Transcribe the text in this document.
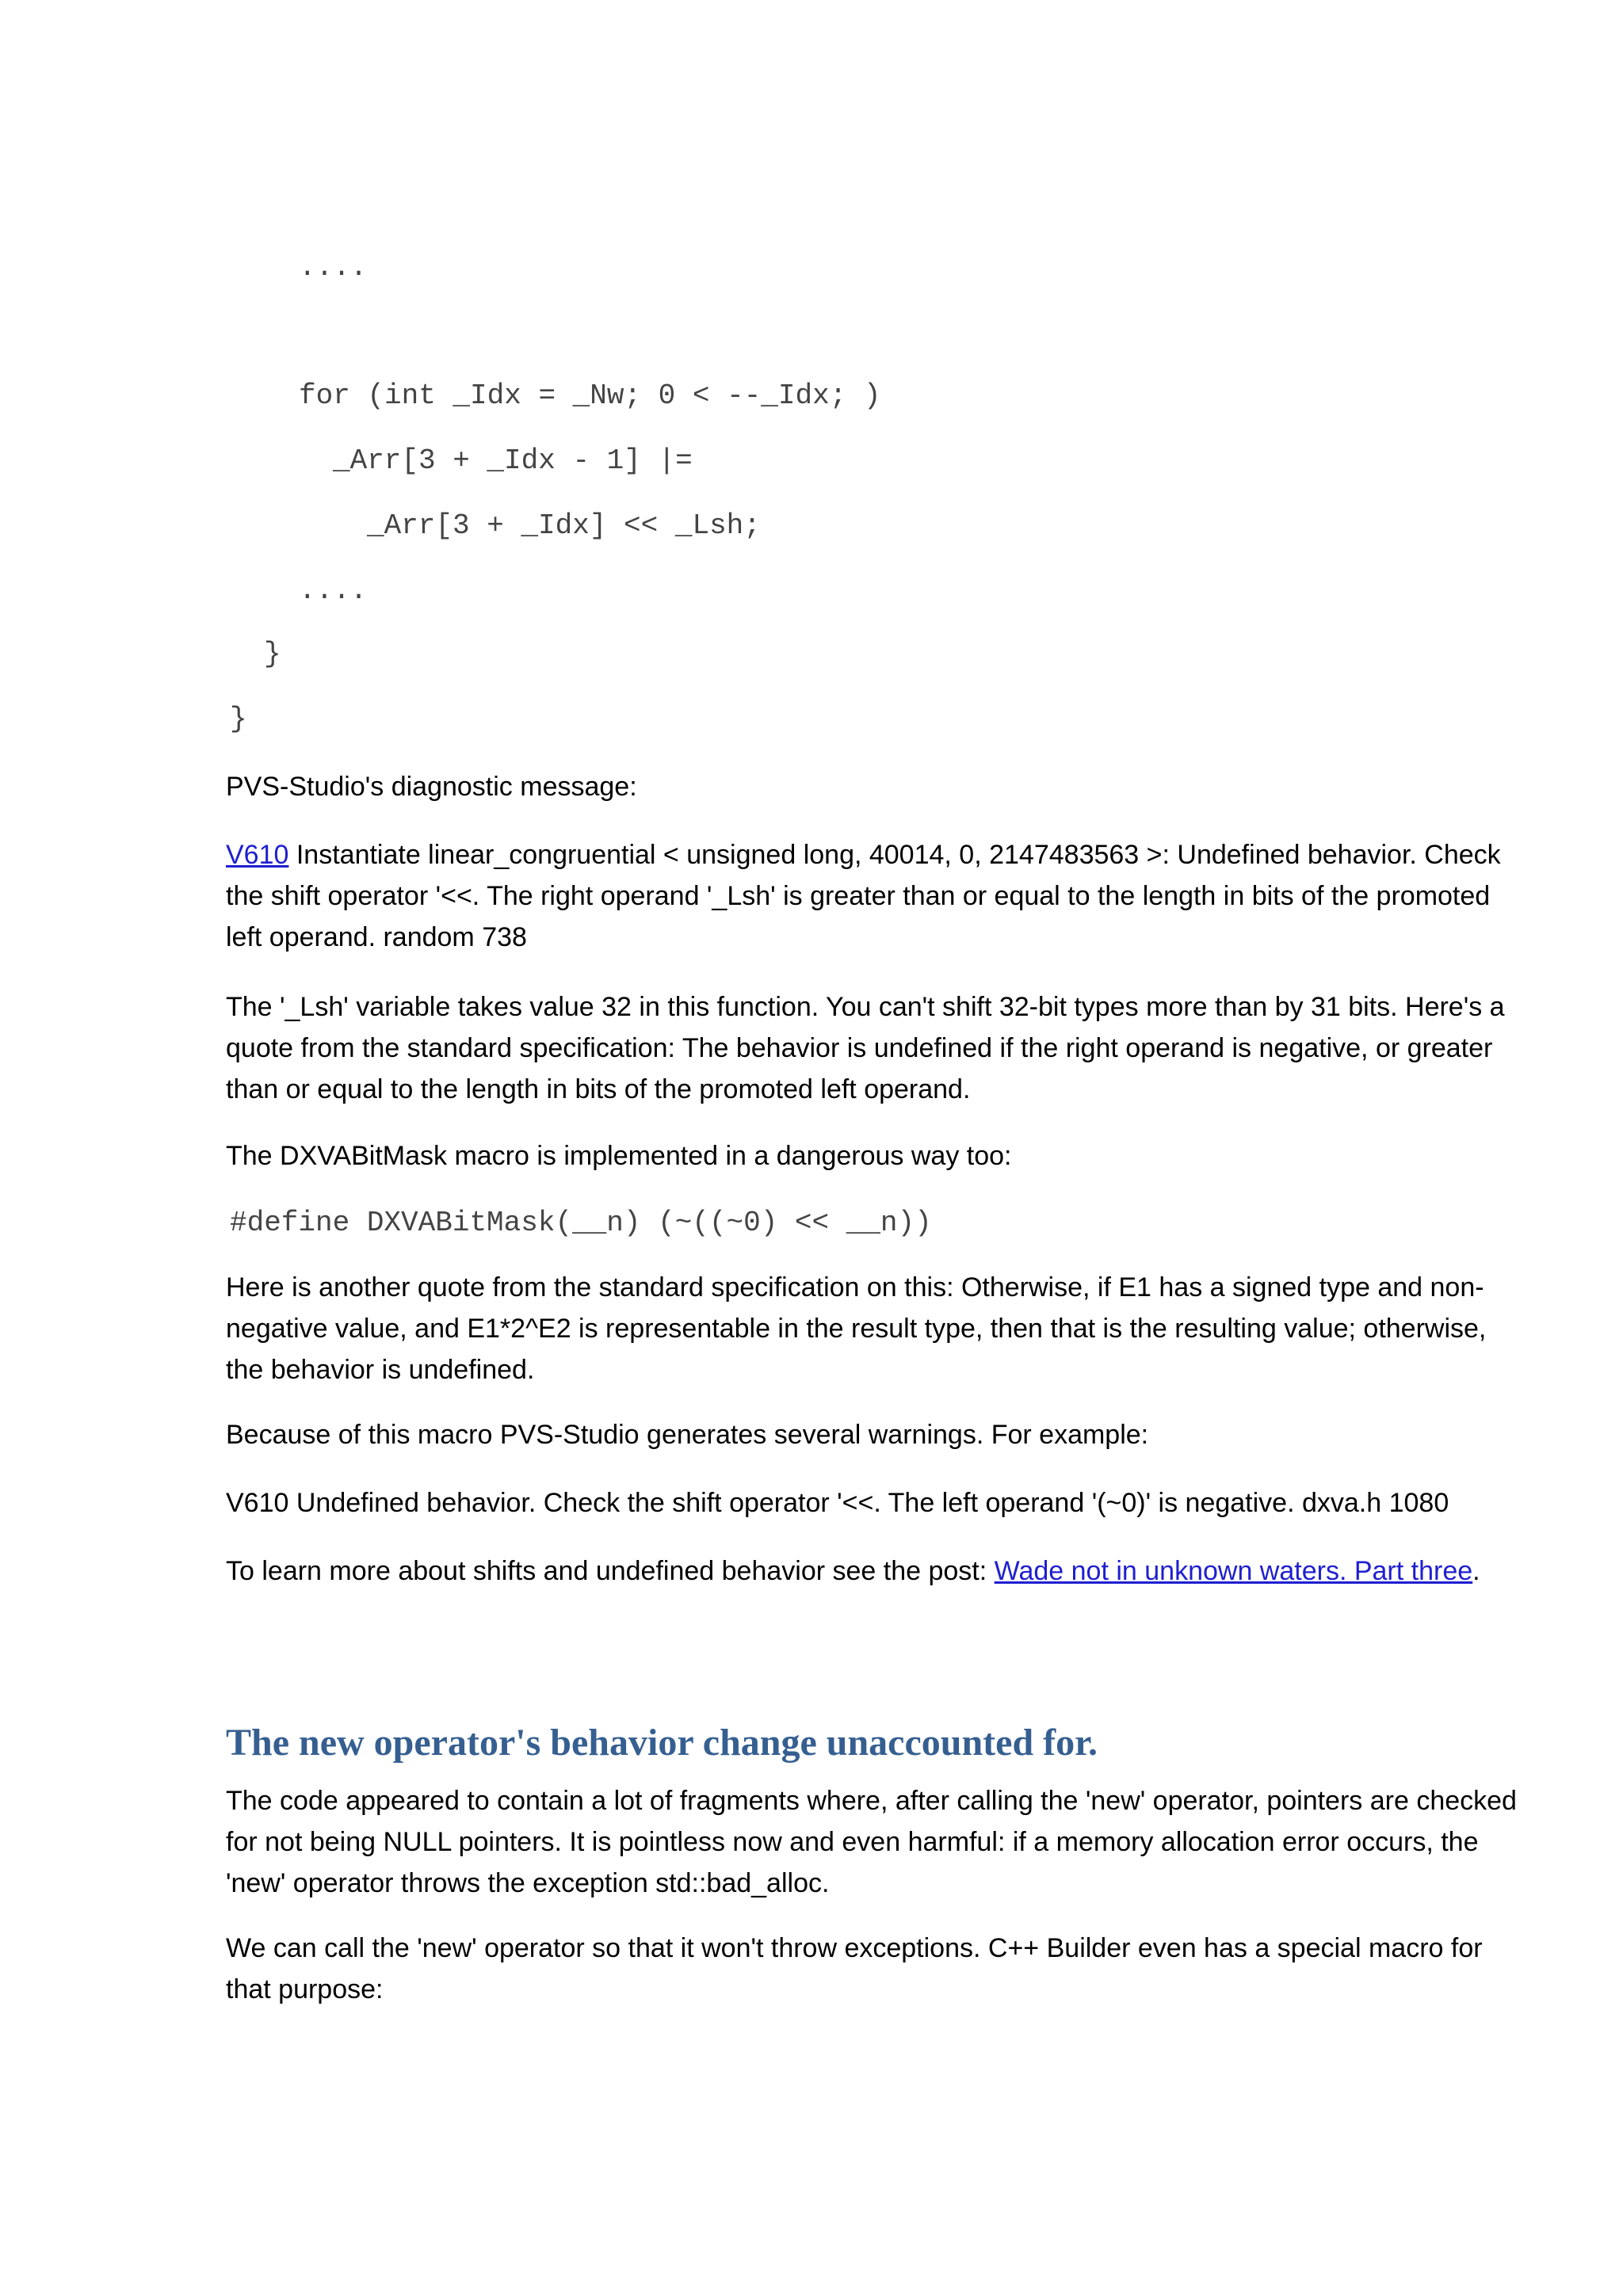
....
for (int _Idx = _Nw; 0 < --_Idx; )
_Arr[3 + _Idx - 1] |=
_Arr[3 + _Idx] << _Lsh;
....
}
}

PVS-Studio's diagnostic message:

V610 Instantiate linear_congruential < unsigned long, 40014, 0, 2147483563 >: Undefined behavior. Check the shift operator '<<. The right operand '_Lsh' is greater than or equal to the length in bits of the promoted left operand. random 738

The '_Lsh' variable takes value 32 in this function. You can't shift 32-bit types more than by 31 bits. Here's a quote from the standard specification: The behavior is undefined if the right operand is negative, or greater than or equal to the length in bits of the promoted left operand.

The DXVABitMask macro is implemented in a dangerous way too:

#define DXVABitMask(__n) (~((~0) << __n))

Here is another quote from the standard specification on this: Otherwise, if E1 has a signed type and non-negative value, and E1*2^E2 is representable in the result type, then that is the resulting value; otherwise, the behavior is undefined.

Because of this macro PVS-Studio generates several warnings. For example:

V610 Undefined behavior. Check the shift operator '<<. The left operand '(~0)' is negative. dxva.h 1080

To learn more about shifts and undefined behavior see the post: Wade not in unknown waters. Part three.

The new operator's behavior change unaccounted for.

The code appeared to contain a lot of fragments where, after calling the 'new' operator, pointers are checked for not being NULL pointers. It is pointless now and even harmful: if a memory allocation error occurs, the 'new' operator throws the exception std::bad_alloc.

We can call the 'new' operator so that it won't throw exceptions. C++ Builder even has a special macro for that purpose:
